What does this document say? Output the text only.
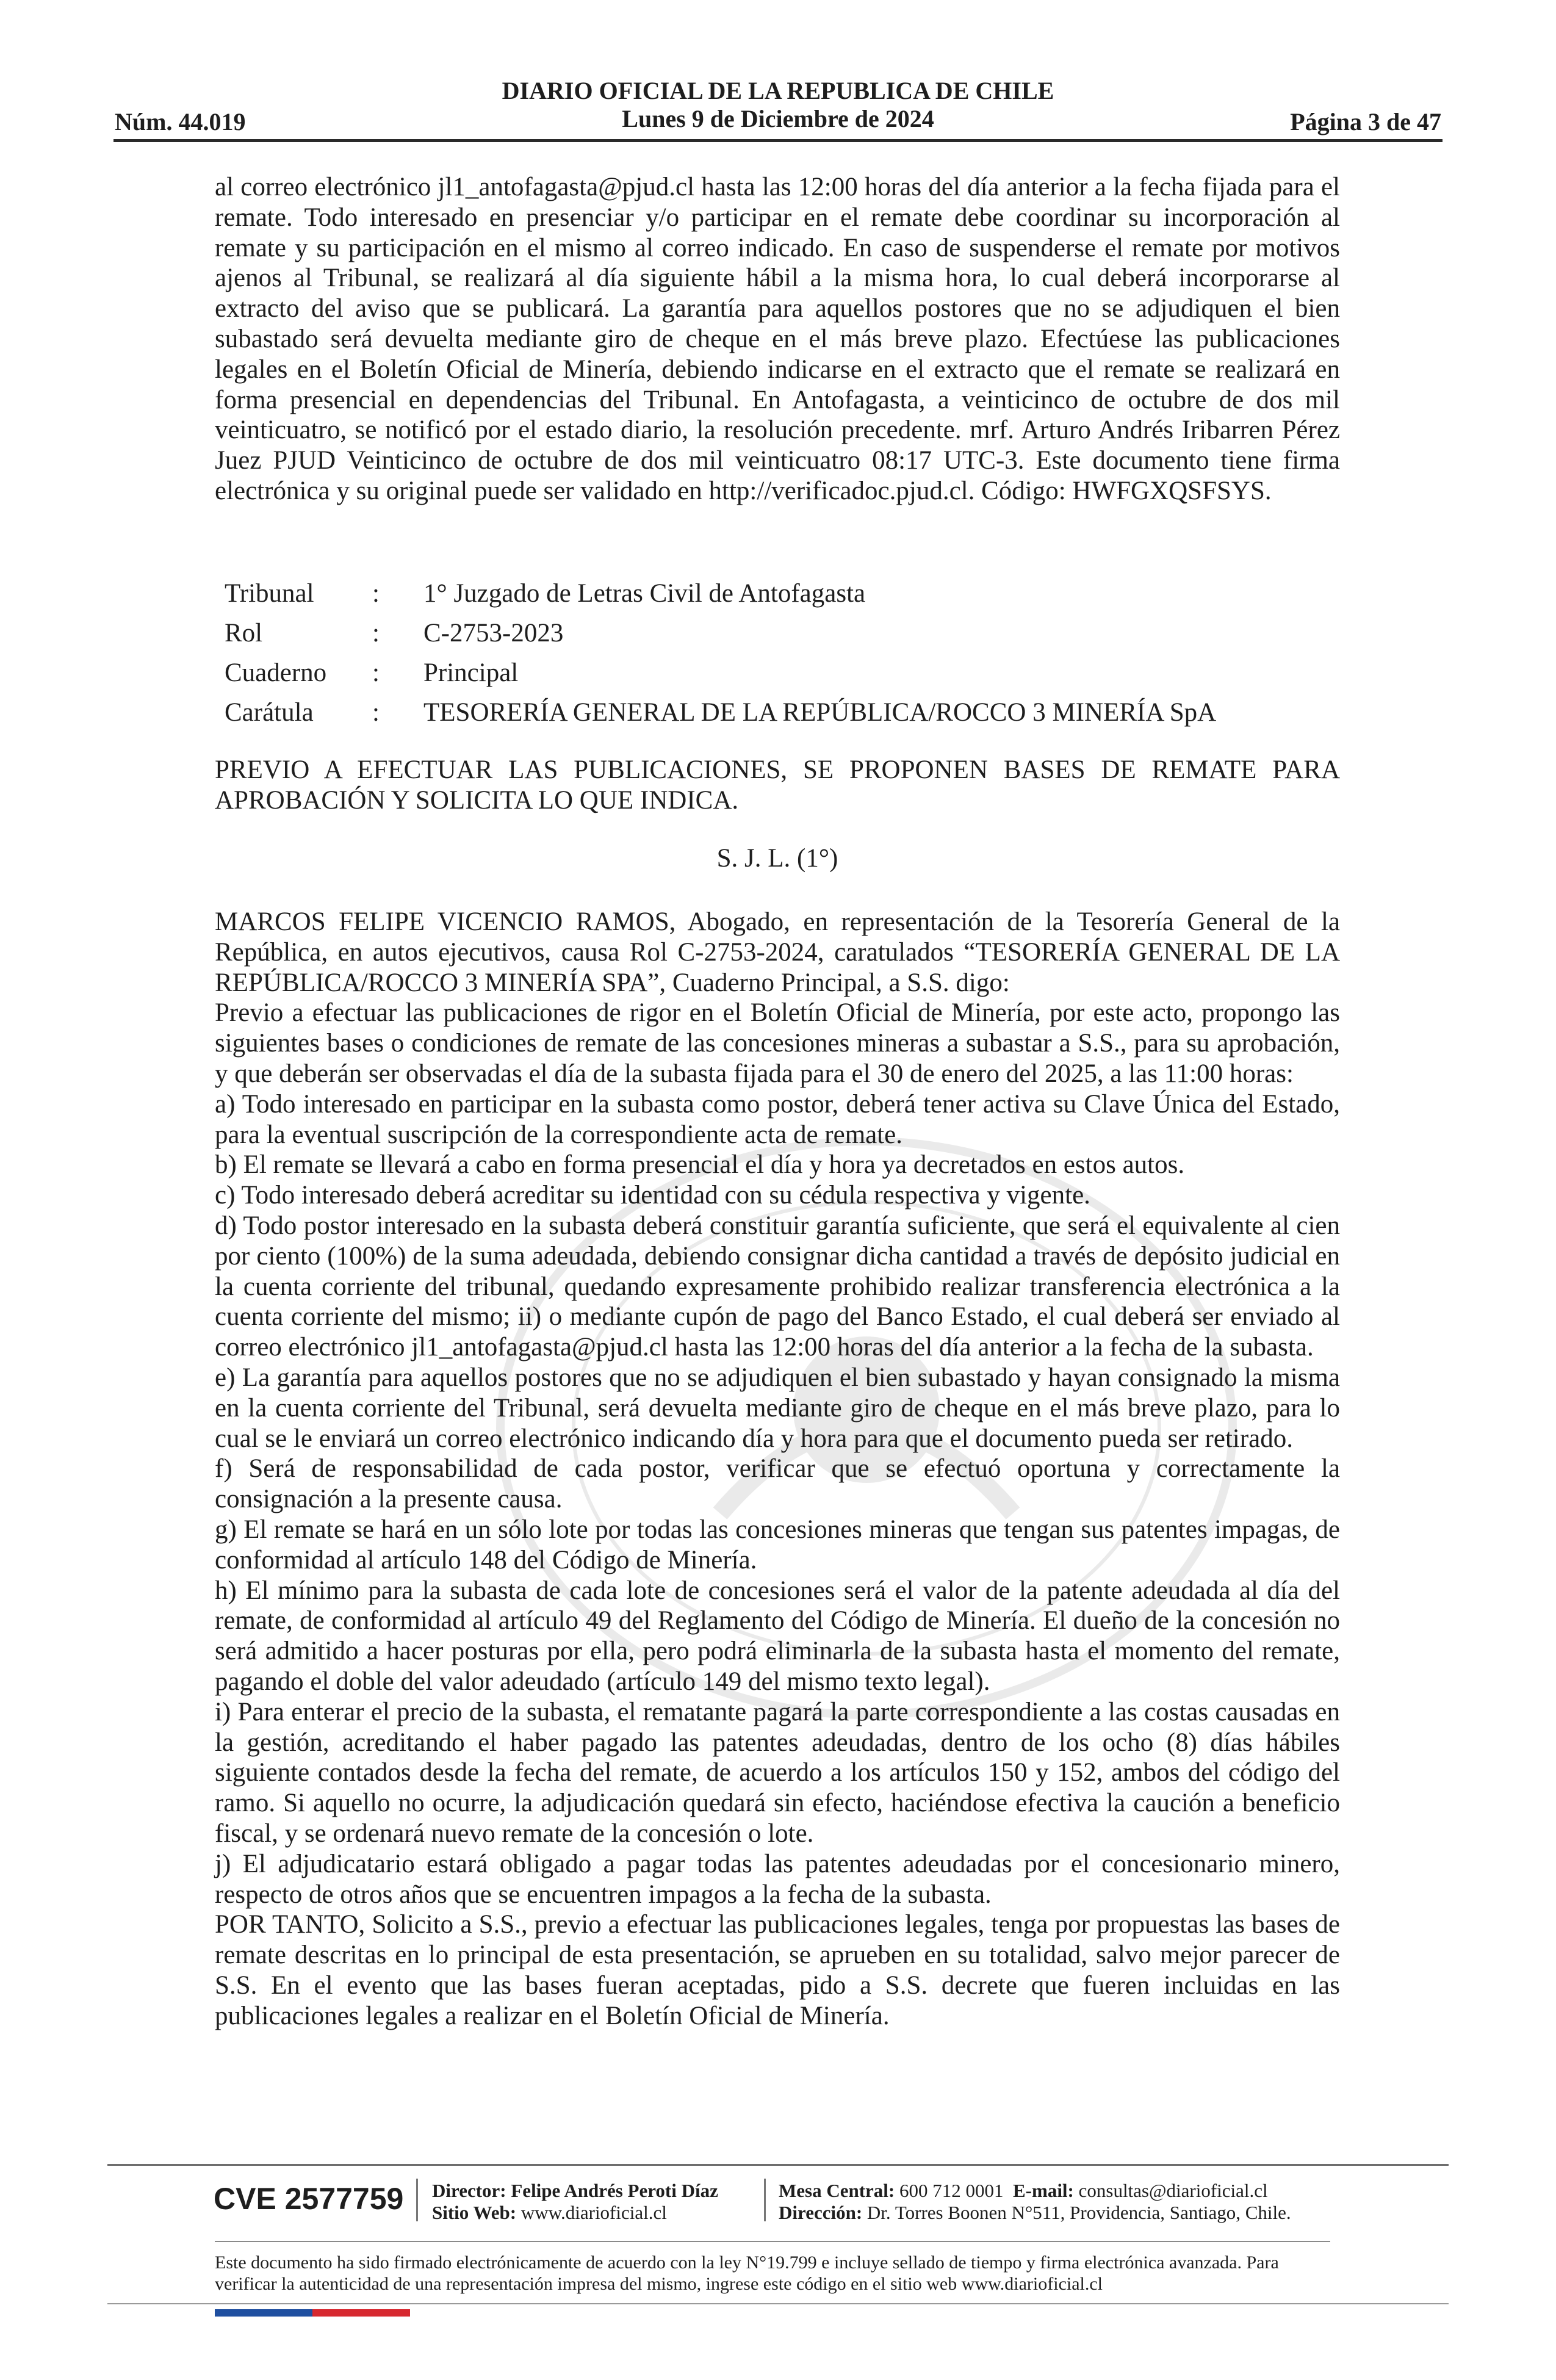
Núm. 44.019
DIARIO OFICIAL DE LA REPUBLICA DE CHILE
Lunes 9 de Diciembre de 2024	Página 3 de 47

al correo electrónico jl1_antofagasta@pjud.cl hasta las 12:00 horas del día anterior a la fecha fijada para el remate. Todo interesado en presenciar y/o participar en el remate debe coordinar su incorporación al remate y su participación en el mismo al correo indicado. En caso de suspenderse el remate por motivos ajenos al Tribunal, se realizará al día siguiente hábil a la misma hora, lo cual deberá incorporarse al extracto del aviso que se publicará. La garantía para aquellos postores que no se adjudiquen el bien subastado será devuelta mediante giro de cheque en el más breve plazo. Efectúese las publicaciones legales en el Boletín Oficial de Minería, debiendo indicarse en el extracto que el remate se realizará en forma presencial en dependencias del Tribunal. En Antofagasta, a veinticinco de octubre de dos mil veinticuatro, se notificó por el estado diario, la resolución precedente. mrf. Arturo Andrés Iribarren Pérez Juez PJUD Veinticinco de octubre de dos mil veinticuatro 08:17 UTC-3. Este documento tiene firma electrónica y su original puede ser validado en http://verificadoc.pjud.cl. Código: HWFGXQSFSYS.

Tribunal	:	1° Juzgado de Letras Civil de Antofagasta
Rol	:	C-2753-2023
Cuaderno	:	Principal
Carátula	:	TESORERÍA GENERAL DE LA REPÚBLICA/ROCCO 3 MINERÍA SpA

PREVIO A EFECTUAR LAS PUBLICACIONES, SE PROPONEN BASES DE REMATE PARA APROBACIÓN Y SOLICITA LO QUE INDICA.

S. J. L. (1°)

MARCOS FELIPE VICENCIO RAMOS, Abogado, en representación de la Tesorería General de la República, en autos ejecutivos, causa Rol C-2753-2024, caratulados “TESORERÍA GENERAL DE LA REPÚBLICA/ROCCO 3 MINERÍA SPA”, Cuaderno Principal, a S.S. digo:

Previo a efectuar las publicaciones de rigor en el Boletín Oficial de Minería, por este acto, propongo las siguientes bases o condiciones de remate de las concesiones mineras a subastar a S.S., para su aprobación, y que deberán ser observadas el día de la subasta fijada para el 30 de enero del 2025, a las 11:00 horas:

a) Todo interesado en participar en la subasta como postor, deberá tener activa su Clave Única del Estado, para la eventual suscripción de la correspondiente acta de remate.

b) El remate se llevará a cabo en forma presencial el día y hora ya decretados en estos autos.

c) Todo interesado deberá acreditar su identidad con su cédula respectiva y vigente.

d) Todo postor interesado en la subasta deberá constituir garantía suficiente, que será el equivalente al cien por ciento (100%) de la suma adeudada, debiendo consignar dicha cantidad a través de depósito judicial en la cuenta corriente del tribunal, quedando expresamente prohibido realizar transferencia electrónica a la cuenta corriente del mismo; ii) o mediante cupón de pago del Banco Estado, el cual deberá ser enviado al correo electrónico jl1_antofagasta@pjud.cl hasta las 12:00 horas del día anterior a la fecha de la subasta.

e) La garantía para aquellos postores que no se adjudiquen el bien subastado y hayan consignado la misma en la cuenta corriente del Tribunal, será devuelta mediante giro de cheque en el más breve plazo, para lo cual se le enviará un correo electrónico indicando día y hora para que el documento pueda ser retirado.

f) Será de responsabilidad de cada postor, verificar que se efectuó oportuna y correctamente la consignación a la presente causa.

g) El remate se hará en un sólo lote por todas las concesiones mineras que tengan sus patentes impagas, de conformidad al artículo 148 del Código de Minería.

h) El mínimo para la subasta de cada lote de concesiones será el valor de la patente adeudada al día del remate, de conformidad al artículo 49 del Reglamento del Código de Minería. El dueño de la concesión no será admitido a hacer posturas por ella, pero podrá eliminarla de la subasta hasta el momento del remate, pagando el doble del valor adeudado (artículo 149 del mismo texto legal).

i) Para enterar el precio de la subasta, el rematante pagará la parte correspondiente a las costas causadas en la gestión, acreditando el haber pagado las patentes adeudadas, dentro de los ocho (8) días hábiles siguiente contados desde la fecha del remate, de acuerdo a los artículos 150 y 152, ambos del código del ramo. Si aquello no ocurre, la adjudicación quedará sin efecto, haciéndose efectiva la caución a beneficio fiscal, y se ordenará nuevo remate de la concesión o lote.

j) El adjudicatario estará obligado a pagar todas las patentes adeudadas por el concesionario minero, respecto de otros años que se encuentren impagos a la fecha de la subasta.

POR TANTO, Solicito a S.S., previo a efectuar las publicaciones legales, tenga por propuestas las bases de remate descritas en lo principal de esta presentación, se aprueben en su totalidad, salvo mejor parecer de S.S. En el evento que las bases fueran aceptadas, pido a S.S. decrete que fueren incluidas en las publicaciones legales a realizar en el Boletín Oficial de Minería.

CVE 2577759 Director: Felipe Andrés Peroti Díaz
Sitio Web: www.diarioficial.cl
Mesa Central: 600 712 0001 E-mail: consultas@diarioficial.cl
Dirección: Dr. Torres Boonen N°511, Providencia, Santiago, Chile.
Este documento ha sido firmado electrónicamente de acuerdo con la ley N°19.799 e incluye sellado de tiempo y firma electrónica avanzada. Para verificar la autenticidad de una representación impresa del mismo, ingrese este código en el sitio web www.diarioficial.cl
